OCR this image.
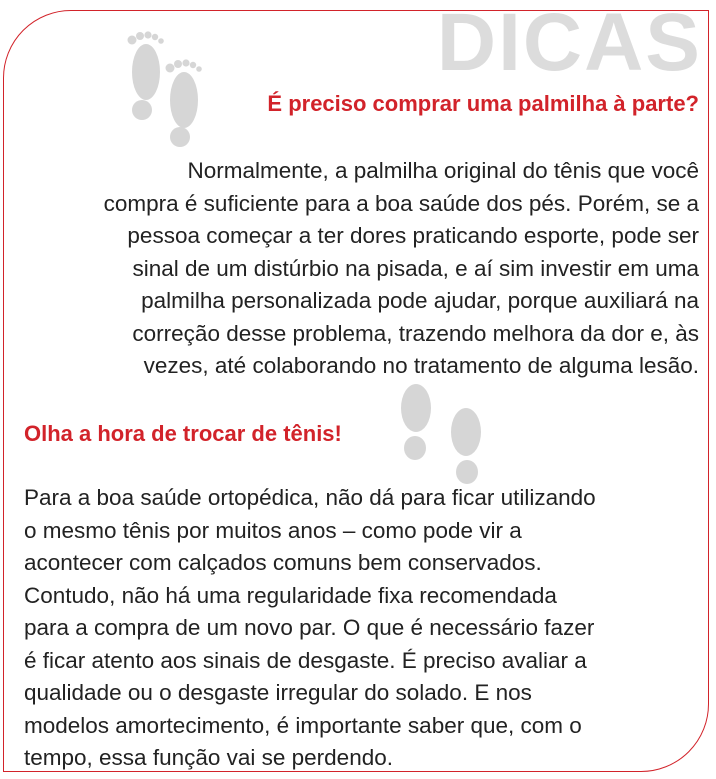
DICAS
É preciso comprar uma palmilha à parte?

Normalmente, a palmilha original do tênis que você
compra é suficiente para a boa saúde dos pés. Porém, se a
pessoa começar a ter dores praticando esporte, pode ser
sinal de um distúrbio na pisada, e aí sim investir em uma
palmilha personalizada pode ajudar, porque auxiliará na
correção desse problema, trazendo melhora da dor e, às
vezes, até colaborando no tratamento de alguma lesão.

Olha a hora de trocar de tênis!

Para a boa saúde ortopédica, não dá para ficar utilizando
o mesmo tênis por muitos anos – como pode vir a
acontecer com calçados comuns bem conservados.
Contudo, não há uma regularidade fixa recomendada
para a compra de um novo par. O que é necessário fazer
é ficar atento aos sinais de desgaste. É preciso avaliar a
qualidade ou o desgaste irregular do solado. E nos
modelos amortecimento, é importante saber que, com o
tempo, essa função vai se perdendo.
